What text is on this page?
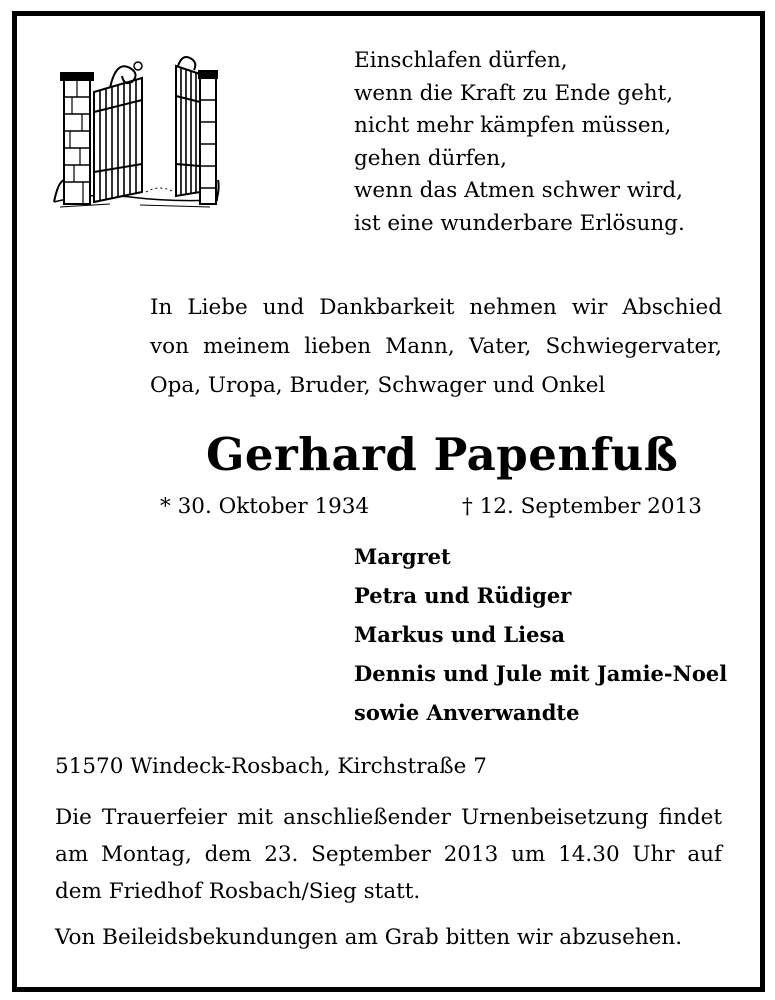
Einschlafen dürfen,
wenn die Kraft zu Ende geht,
nicht mehr kämpfen müssen,
gehen dürfen,
wenn das Atmen schwer wird,
ist eine wunderbare Erlösung.
In Liebe und Dankbarkeit nehmen wir Abschied
von meinem lieben Mann, Vater, Schwiegervater,
Opa, Uropa, Bruder, Schwager und Onkel
Gerhard Papenfuß
* 30. Oktober 1934	† 12. September 2013
Margret
Petra und Rüdiger
Markus und Liesa
Dennis und Jule mit Jamie-Noel
sowie Anverwandte
51570 Windeck-Rosbach, Kirchstraße 7
Die Trauerfeier mit anschließender Urnenbeisetzung findet
am Montag, dem 23. September 2013 um 14.30 Uhr auf
dem Friedhof Rosbach/Sieg statt.
Von Beileidsbekundungen am Grab bitten wir abzusehen.
